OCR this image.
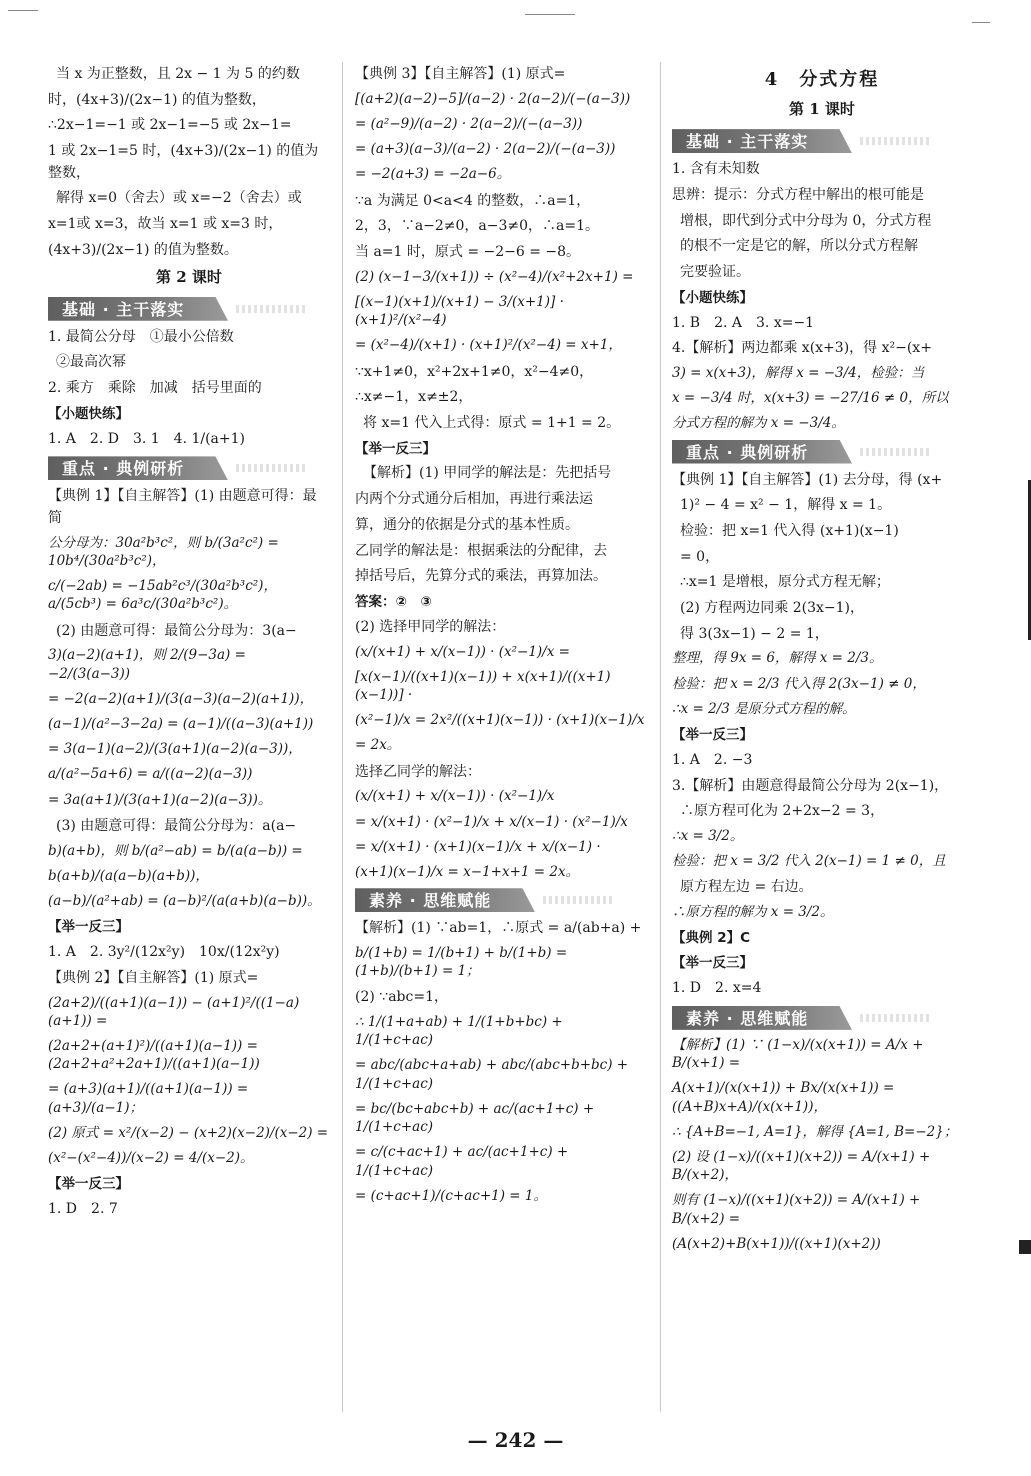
当 x 为正整数，且 2x − 1 为 5 的约数
时，(4x+3)/(2x−1) 的值为整数，
∴2x−1=−1 或 2x−1=−5 或 2x−1=
1 或 2x−1=5 时，(4x+3)/(2x−1) 的值为整数，
解得 x=0（舍去）或 x=−2（舍去）或
x=1或 x=3，故当 x=1 或 x=3 时，
(4x+3)/(2x−1) 的值为整数。
第 2 课时
基础 · 主干落实
1. 最简公分母　①最小公倍数
②最高次幂
2. 乘方　乘除　加减　括号里面的
【小题快练】
1. A　2. D　3. 1　4. 1/(a+1)
重点 · 典例研析
【典例 1】【自主解答】(1) 由题意可得：最简
公分母为：30a²b³c²，则 b/(3a²c²) = 10b⁴/(30a²b³c²)，
c/(−2ab) = −15ab²c³/(30a²b³c²)，a/(5cb³) = 6a³c/(30a²b³c²)。
(2) 由题意可得：最简公分母为：3(a−
3)(a−2)(a+1)，则 2/(9−3a) = −2/(3(a−3))
= −2(a−2)(a+1)/(3(a−3)(a−2)(a+1))，
(a−1)/(a²−3−2a) = (a−1)/((a−3)(a+1))
= 3(a−1)(a−2)/(3(a+1)(a−2)(a−3))，
a/(a²−5a+6) = a/((a−2)(a−3))
= 3a(a+1)/(3(a+1)(a−2)(a−3))。
(3) 由题意可得：最简公分母为：a(a−
b)(a+b)，则 b/(a²−ab) = b/(a(a−b)) =
b(a+b)/(a(a−b)(a+b))，
(a−b)/(a²+ab) = (a−b)²/(a(a+b)(a−b))。
【举一反三】
1. A　2. 3y²/(12x²y)　10x/(12x²y)
【典例 2】【自主解答】(1) 原式=
(2a+2)/((a+1)(a−1)) − (a+1)²/((1−a)(a+1)) =
(2a+2+(a+1)²)/((a+1)(a−1)) = (2a+2+a²+2a+1)/((a+1)(a−1))
= (a+3)(a+1)/((a+1)(a−1)) = (a+3)/(a−1)；
(2) 原式 = x²/(x−2) − (x+2)(x−2)/(x−2) =
(x²−(x²−4))/(x−2) = 4/(x−2)。
【举一反三】
1. D　2. 7
【典例 3】【自主解答】(1) 原式=
[(a+2)(a−2)−5]/(a−2) · 2(a−2)/(−(a−3))
= (a²−9)/(a−2) · 2(a−2)/(−(a−3))
= (a+3)(a−3)/(a−2) · 2(a−2)/(−(a−3))
= −2(a+3) = −2a−6。
∵a 为满足 0<a<4 的整数，∴a=1，
2，3，∵a−2≠0，a−3≠0，∴a=1。
当 a=1 时，原式 = −2−6 = −8。
(2) (x−1−3/(x+1)) ÷ (x²−4)/(x²+2x+1) =
[(x−1)(x+1)/(x+1) − 3/(x+1)] · (x+1)²/(x²−4)
= (x²−4)/(x+1) · (x+1)²/(x²−4) = x+1，
∵x+1≠0，x²+2x+1≠0，x²−4≠0，
∴x≠−1，x≠±2，
将 x=1 代入上式得：原式 = 1+1 = 2。
【举一反三】
【解析】(1) 甲同学的解法是：先把括号
内两个分式通分后相加，再进行乘法运
算，通分的依据是分式的基本性质。
乙同学的解法是：根据乘法的分配律，去
掉括号后，先算分式的乘法，再算加法。
答案：②　③
(2) 选择甲同学的解法：
(x/(x+1) + x/(x−1)) · (x²−1)/x =
[x(x−1)/((x+1)(x−1)) + x(x+1)/((x+1)(x−1))] ·
(x²−1)/x = 2x²/((x+1)(x−1)) · (x+1)(x−1)/x
= 2x。
选择乙同学的解法：
(x/(x+1) + x/(x−1)) · (x²−1)/x
= x/(x+1) · (x²−1)/x + x/(x−1) · (x²−1)/x
= x/(x+1) · (x+1)(x−1)/x + x/(x−1) ·
(x+1)(x−1)/x = x−1+x+1 = 2x。
素养 · 思维赋能
【解析】(1) ∵ab=1，∴原式 = a/(ab+a) +
b/(1+b) = 1/(b+1) + b/(1+b) = (1+b)/(b+1) = 1；
(2) ∵abc=1，
∴ 1/(1+a+ab) + 1/(1+b+bc) + 1/(1+c+ac)
= abc/(abc+a+ab) + abc/(abc+b+bc) + 1/(1+c+ac)
= bc/(bc+abc+b) + ac/(ac+1+c) + 1/(1+c+ac)
= c/(c+ac+1) + ac/(ac+1+c) + 1/(1+c+ac)
= (c+ac+1)/(c+ac+1) = 1。
4　分式方程
第 1 课时
基础 · 主干落实
1. 含有未知数
思辨：提示：分式方程中解出的根可能是
增根，即代到分式中分母为 0，分式方程
的根不一定是它的解，所以分式方程解
完要验证。
【小题快练】
1. B　2. A　3. x=−1
4.【解析】两边都乘 x(x+3)，得 x²−(x+
3) = x(x+3)，解得 x = −3/4，检验：当
x = −3/4 时，x(x+3) = −27/16 ≠ 0，所以
分式方程的解为 x = −3/4。
重点 · 典例研析
【典例 1】【自主解答】(1) 去分母，得 (x+
1)² − 4 = x² − 1，解得 x = 1。
检验：把 x=1 代入得 (x+1)(x−1)
= 0，
∴x=1 是增根，原分式方程无解；
(2) 方程两边同乘 2(3x−1)，
得 3(3x−1) − 2 = 1，
整理，得 9x = 6，解得 x = 2/3。
检验：把 x = 2/3 代入得 2(3x−1) ≠ 0，
∴x = 2/3 是原分式方程的解。
【举一反三】
1. A　2. −3
3.【解析】由题意得最简公分母为 2(x−1)，
∴原方程可化为 2+2x−2 = 3，
∴x = 3/2。
检验：把 x = 3/2 代入 2(x−1) = 1 ≠ 0，且
原方程左边 = 右边。
∴原方程的解为 x = 3/2。
【典例 2】C
【举一反三】
1. D　2. x=4
素养 · 思维赋能
【解析】(1) ∵ (1−x)/(x(x+1)) = A/x + B/(x+1) =
A(x+1)/(x(x+1)) + Bx/(x(x+1)) = ((A+B)x+A)/(x(x+1))，
∴ {A+B=−1, A=1}，解得 {A=1, B=−2}；
(2) 设 (1−x)/((x+1)(x+2)) = A/(x+1) + B/(x+2)，
则有 (1−x)/((x+1)(x+2)) = A/(x+1) + B/(x+2) =
(A(x+2)+B(x+1))/((x+1)(x+2))
— 242 —
